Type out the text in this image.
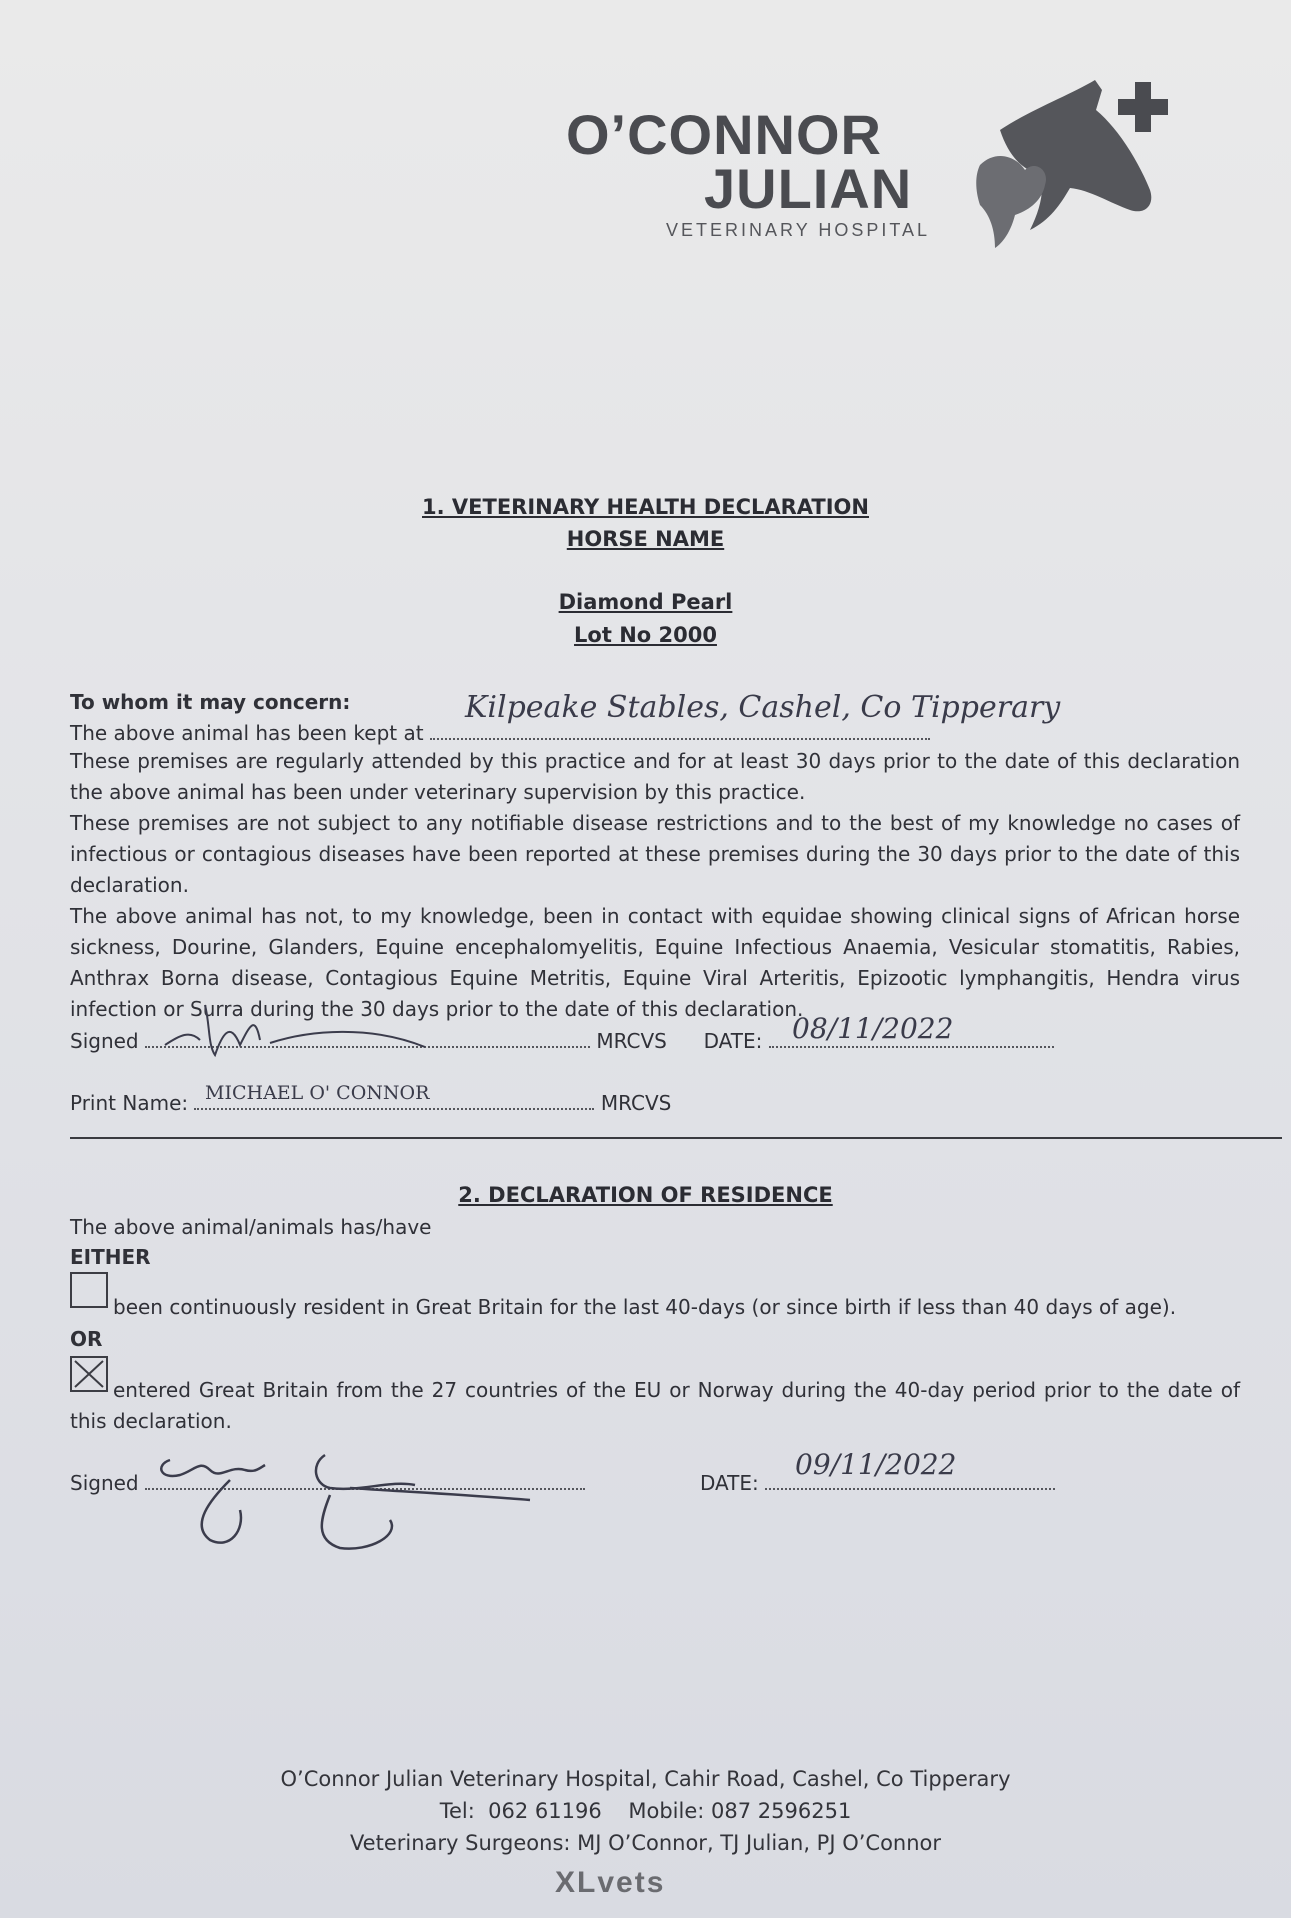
O’CONNOR
JULIAN
VETERINARY HOSPITAL
1. VETERINARY HEALTH DECLARATION
HORSE NAME
Diamond Pearl
Lot No 2000
To whom it may concern:
The above animal has been kept at
Kilpeake Stables, Cashel, Co Tipperary
These premises are regularly attended by this practice and for at least 30 days prior to the date of this declaration the above animal has been under veterinary supervision by this practice.
These premises are not subject to any notifiable disease restrictions and to the best of my knowledge no cases of infectious or contagious diseases have been reported at these premises during the 30 days prior to the date of this declaration.
The above animal has not, to my knowledge, been in contact with equidae showing clinical signs of African horse sickness, Dourine, Glanders, Equine encephalomyelitis, Equine Infectious Anaemia, Vesicular stomatitis, Rabies, Anthrax Borna disease, Contagious Equine Metritis, Equine Viral Arteritis, Epizootic lymphangitis, Hendra virus infection or Surra during the 30 days prior to the date of this declaration.
Signed	MRCVS DATE:	08/11/2022
Print Name:	MRCVS
MICHAEL O' CONNOR
2. DECLARATION OF RESIDENCE
The above animal/animals has/have
EITHER
been continuously resident in Great Britain for the last 40-days (or since birth if less than 40 days of age).
OR
entered Great Britain from the 27 countries of the EU or Norway during the 40-day period prior to the date of this declaration.
Signed	DATE:
09/11/2022
O’Connor Julian Veterinary Hospital, Cahir Road, Cashel, Co Tipperary
Tel:  062 61196    Mobile: 087 2596251
Veterinary Surgeons: MJ O’Connor, TJ Julian, PJ O’Connor
XLvets
